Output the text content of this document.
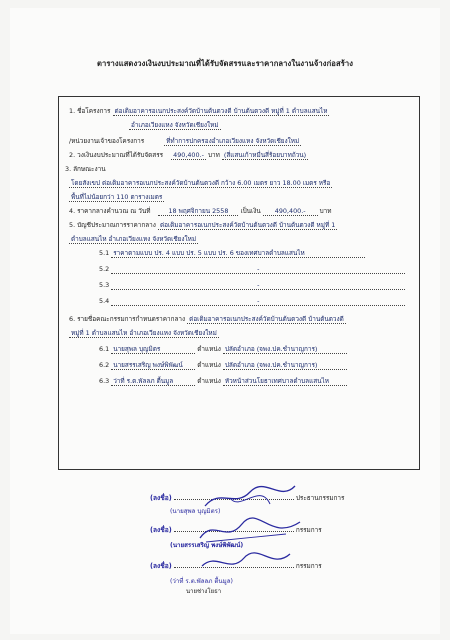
ตารางแสดงวงเงินงบประมาณที่ได้รับจัดสรรและราคากลางในงานจ้างก่อสร้าง
1. ชื่อโครงการ ต่อเติมอาคารอเนกประสงค์วัดบ้านต้นตวงดี บ้านต้นตวงดี หมู่ที่ 1 ตำบลแสนไห
อำเภอเวียงแหง จังหวัดเชียงใหม่
/หน่วยงานเจ้าของโครงการ	ที่ทำการปกครองอำเภอเวียงแหง จังหวัดเชียงใหม่
2. วงเงินงบประมาณที่ได้รับจัดสรร 490,400.- บาท (สี่แสนเก้าหมื่นสี่ร้อยบาทถ้วน)
3. ลักษณะงาน
โดยสังเขป ต่อเติมอาคารอเนกประสงค์วัดบ้านต้นตวงดี กว้าง 6.00 เมตร ยาว 18.00 เมตร หรือ
พื้นที่ไม่น้อยกว่า 110 ตารางเมตร
4. ราคากลางคำนวณ ณ วันที่	18 พฤศจิกายน 2558 เป็นเงิน 490,400.- บาท
5. บัญชีประมาณการราคากลาง ต่อเติมอาคารอเนกประสงค์วัดบ้านต้นตวงดี บ้านต้นตวงดี หมู่ที่ 1
ตำบลแสนไห อำเภอเวียงแหง จังหวัดเชียงใหม่
5.1 ราคาตามแบบ ปร. 4 แบบ ปร. 5 แบบ ปร. 6 ของเทศบาลตำบลแสนไห
5.2	-
5.3	-
5.4	-
6. รายชื่อคณะกรรมการกำหนดราคากลาง ต่อเติมอาคารอเนกประสงค์วัดบ้านต้นตวงดี บ้านต้นตวงดี
หมู่ที่ 1 ตำบลแสนไห อำเภอเวียงแหง จังหวัดเชียงใหม่
6.1 นายสุพล บุญมิตร	ตำแหน่ง ปลัดอำเภอ (จพง.ปค.ชำนาญการ)
6.2 นายสรรเสริญ พงษ์พิพัฒน์ ตำแหน่ง ปลัดอำเภอ (จพง.ปค.ชำนาญการ)
6.3 ว่าที่ ร.ต.พัลลภ ตื้นมูล	ตำแหน่ง หัวหน้าส่วนโยธาเทศบาลตำบลแสนไห
(ลงชื่อ)	ประธานกรรมการ
(นายสุพล บุญมิตร)
(ลงชื่อ)	กรรมการ
(นายสรรเสริญ พงษ์พิพัฒน์)
(ลงชื่อ)	กรรมการ
(ว่าที่ ร.ต.พัลลภ ตื้นมูล)
นายช่างโยธา
